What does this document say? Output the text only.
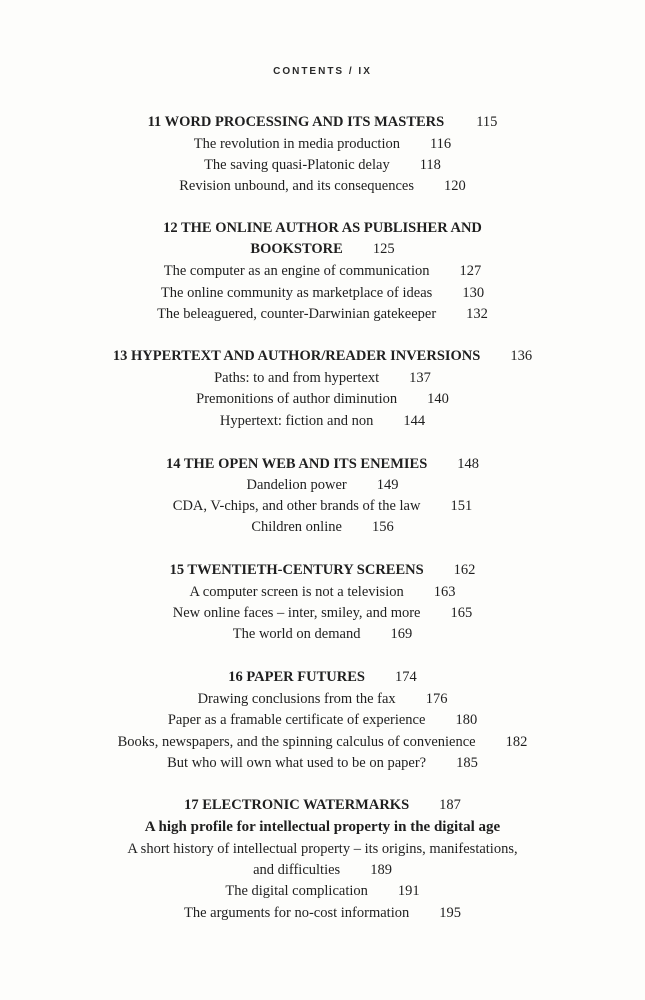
CONTENTS / IX
11 WORD PROCESSING AND ITS MASTERS 115
The revolution in media production 116
The saving quasi-Platonic delay 118
Revision unbound, and its consequences 120
12 THE ONLINE AUTHOR AS PUBLISHER AND
BOOKSTORE 125
The computer as an engine of communication 127
The online community as marketplace of ideas 130
The beleaguered, counter-Darwinian gatekeeper 132
13 HYPERTEXT AND AUTHOR/READER INVERSIONS 136
Paths: to and from hypertext 137
Premonitions of author diminution 140
Hypertext: fiction and non 144
14 THE OPEN WEB AND ITS ENEMIES 148
Dandelion power 149
CDA, V-chips, and other brands of the law 151
Children online 156
15 TWENTIETH-CENTURY SCREENS 162
A computer screen is not a television 163
New online faces – inter, smiley, and more 165
The world on demand 169
16 PAPER FUTURES 174
Drawing conclusions from the fax 176
Paper as a framable certificate of experience 180
Books, newspapers, and the spinning calculus of convenience 182
But who will own what used to be on paper? 185
17 ELECTRONIC WATERMARKS 187
A high profile for intellectual property in the digital age
A short history of intellectual property – its origins, manifestations,
and difficulties 189
The digital complication 191
The arguments for no-cost information 195
